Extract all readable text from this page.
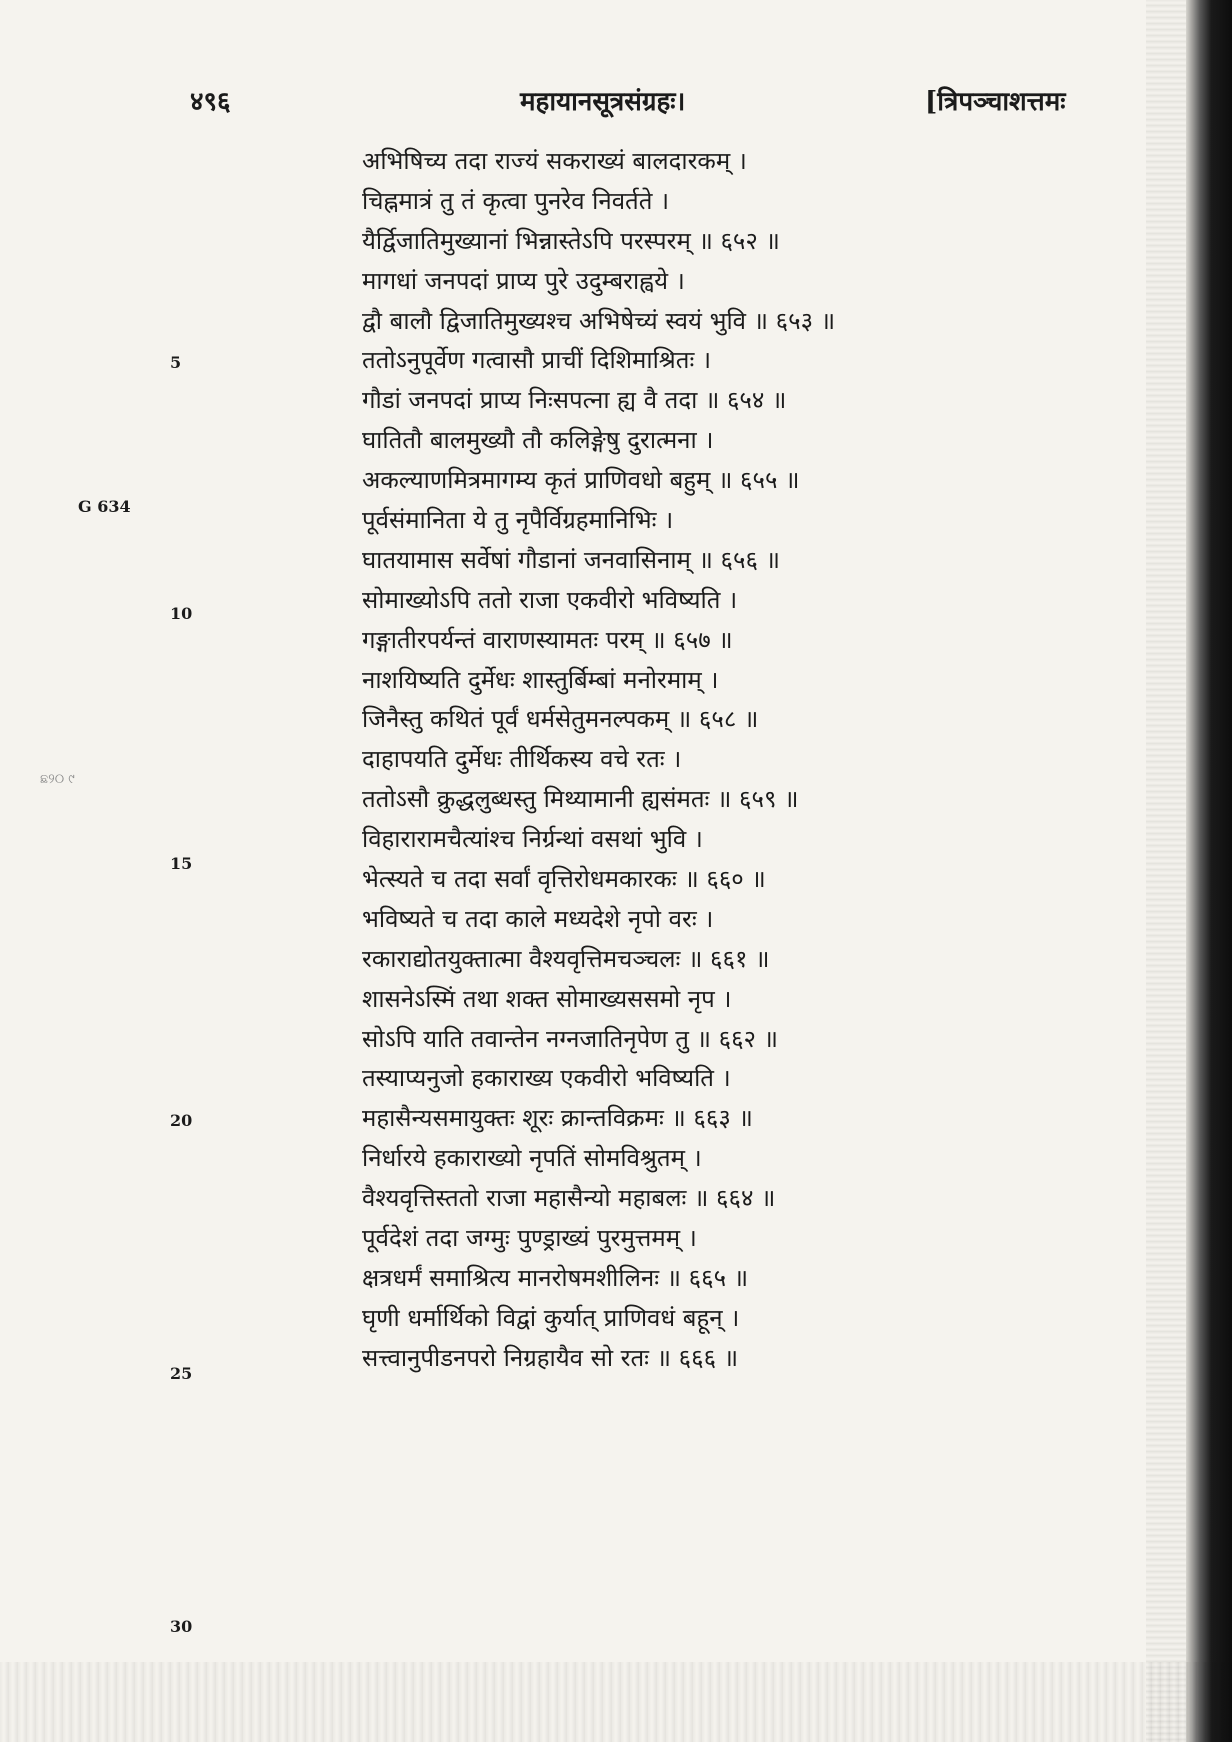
४९६	महायानसूत्रसंग्रहः।	[त्रिपञ्चाशत्तमः
G 634
ଛ୨୦ ୯
5
10
15
20
25
30
अभिषिच्य तदा राज्यं सकराख्यं बालदारकम् ।
चिह्नमात्रं तु तं कृत्वा पुनरेव निवर्तते ।
यैर्द्विजातिमुख्यानां भिन्नास्तेऽपि परस्परम् ॥ ६५२ ॥
मागधां जनपदां प्राप्य पुरे उदुम्बराह्वये ।
द्वौ बालौ द्विजातिमुख्यश्च अभिषेच्यं स्वयं भुवि ॥ ६५३ ॥
ततोऽनुपूर्वेण गत्वासौ प्राचीं दिशिमाश्रितः ।
गौडां जनपदां प्राप्य निःसपत्ना ह्य वै तदा ॥ ६५४ ॥
घातितौ बालमुख्यौ तौ कलिङ्गेषु दुरात्मना ।
अकल्याणमित्रमागम्य कृतं प्राणिवधो बहुम् ॥ ६५५ ॥
पूर्वसंमानिता ये तु नृपैर्विग्रहमानिभिः ।
घातयामास सर्वेषां गौडानां जनवासिनाम् ॥ ६५६ ॥
सोमाख्योऽपि ततो राजा एकवीरो भविष्यति ।
गङ्गातीरपर्यन्तं वाराणस्यामतः परम् ॥ ६५७ ॥
नाशयिष्यति दुर्मेधः शास्तुर्बिम्बां मनोरमाम् ।
जिनैस्तु कथितं पूर्वं धर्मसेतुमनल्पकम् ॥ ६५८ ॥
दाहापयति दुर्मेधः तीर्थिकस्य वचे रतः ।
ततोऽसौ क्रुद्धलुब्धस्तु मिथ्यामानी ह्यसंमतः ॥ ६५९ ॥
विहारारामचैत्यांश्च निर्ग्रन्थां वसथां भुवि ।
भेत्स्यते च तदा सर्वां वृत्तिरोधमकारकः ॥ ६६० ॥
भविष्यते च तदा काले मध्यदेशे नृपो वरः ।
रकाराद्योतयुक्तात्मा वैश्यवृत्तिमचञ्चलः ॥ ६६१ ॥
शासनेऽस्मिं तथा शक्त सोमाख्यससमो नृप ।
सोऽपि याति तवान्तेन नग्नजातिनृपेण तु ॥ ६६२ ॥
तस्याप्यनुजो हकाराख्य एकवीरो भविष्यति ।
महासैन्यसमायुक्तः शूरः क्रान्तविक्रमः ॥ ६६३ ॥
निर्धारये हकाराख्यो नृपतिं सोमविश्रुतम् ।
वैश्यवृत्तिस्ततो राजा महासैन्यो महाबलः ॥ ६६४ ॥
पूर्वदेशं तदा जग्मुः पुण्ड्राख्यं पुरमुत्तमम् ।
क्षत्रधर्मं समाश्रित्य मानरोषमशीलिनः ॥ ६६५ ॥
घृणी धर्मार्थिको विद्वां कुर्यात् प्राणिवधं बहून् ।
सत्त्वानुपीडनपरो निग्रहायैव सो रतः ॥ ६६६ ॥
